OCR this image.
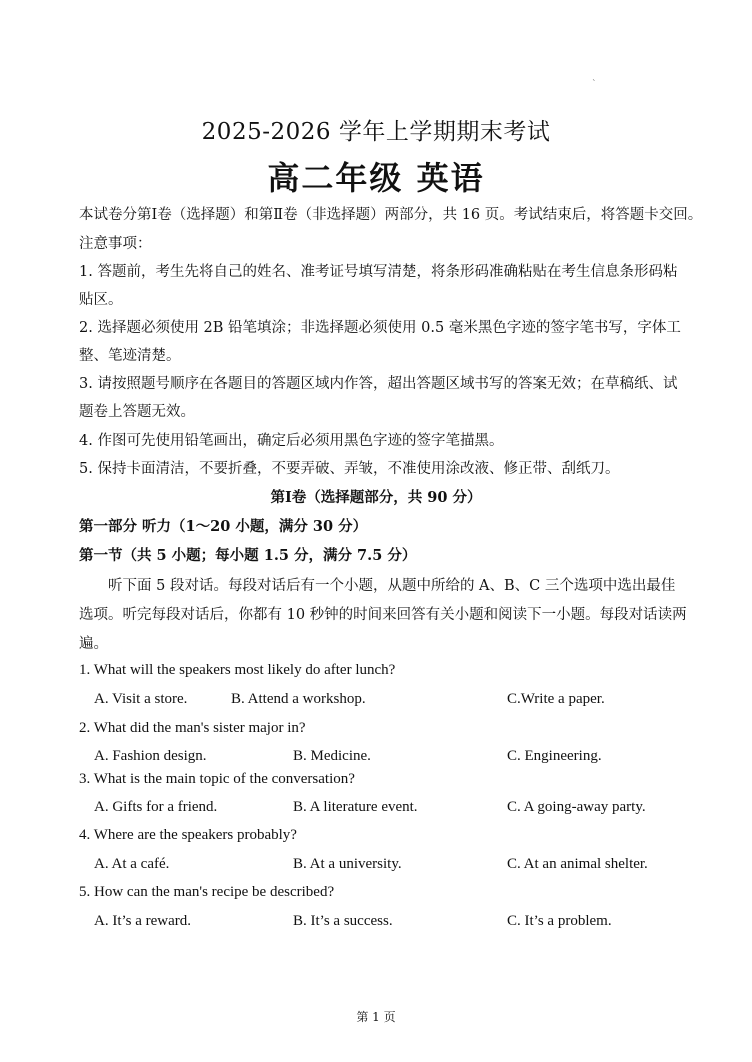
`
2025-2026 学年上学期期末考试
高二年级 英语
本试卷分第Ⅰ卷（选择题）和第Ⅱ卷（非选择题）两部分，共 16 页。考试结束后，将答题卡交回。
注意事项：
1. 答题前，考生先将自己的姓名、准考证号填写清楚，将条形码准确粘贴在考生信息条形码粘
贴区。
2. 选择题必须使用 2B 铅笔填涂；非选择题必须使用 0.5 毫米黑色字迹的签字笔书写，字体工
整、笔迹清楚。
3. 请按照题号顺序在各题目的答题区域内作答，超出答题区域书写的答案无效；在草稿纸、试
题卷上答题无效。
4. 作图可先使用铅笔画出，确定后必须用黑色字迹的签字笔描黑。
5. 保持卡面清洁，不要折叠，不要弄破、弄皱，不准使用涂改液、修正带、刮纸刀。
第Ⅰ卷（选择题部分，共 90 分）
第一部分 听力（1～20 小题，满分 30 分）
第一节（共 5 小题；每小题 1.5 分，满分 7.5 分）
听下面 5 段对话。每段对话后有一个小题，从题中所给的 A、B、C 三个选项中选出最佳
选项。听完每段对话后，你都有 10 秒钟的时间来回答有关小题和阅读下一小题。每段对话读两
遍。
1. What will the speakers most likely do after lunch?
A. Visit a store.	B. Attend a workshop.	C.Write a paper.
2. What did the man's sister major in?
A. Fashion design.	B. Medicine.	C. Engineering.
3. What is the main topic of the conversation?
A. Gifts for a friend.	B. A literature event.	C. A going-away party.
4. Where are the speakers probably?
A. At a café.	B. At a university.	C. At an animal shelter.
5. How can the man's recipe be described?
A. It’s a reward.	B. It’s a success.	C. It’s a problem.
第 1 页
